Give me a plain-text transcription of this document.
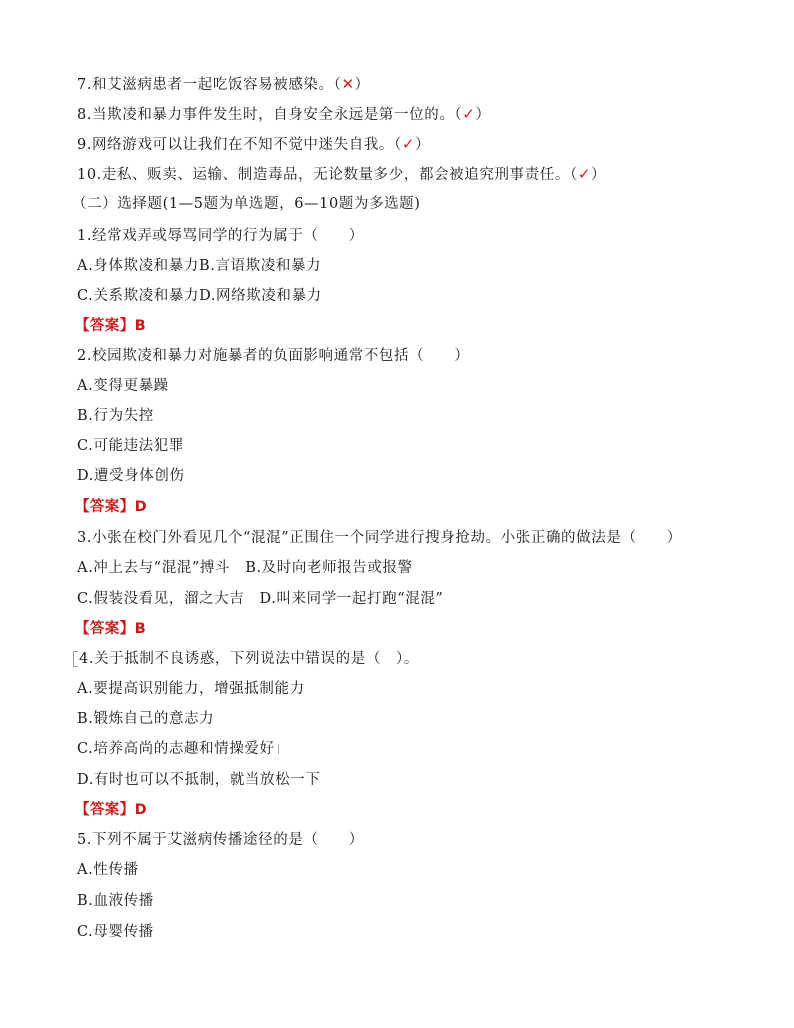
7.和艾滋病患者一起吃饭容易被感染。（✕）
8.当欺凌和暴力事件发生时，自身安全永远是第一位的。（✓）
9.网络游戏可以让我们在不知不觉中迷失自我。（✓）
10.走私、贩卖、运输、制造毒品，无论数量多少，都会被追究刑事责任。（✓）
（二）选择题(1—5题为单选题，6—10题为多选题)
1.经常戏弄或辱骂同学的行为属于（　　）
A.身体欺凌和暴力B.言语欺凌和暴力
C.关系欺凌和暴力D.网络欺凌和暴力
【答案】B
2.校园欺凌和暴力对施暴者的负面影响通常不包括（　　）
A.变得更暴躁
B.行为失控
C.可能违法犯罪
D.遭受身体创伤
【答案】D
3.小张在校门外看见几个“混混”正围住一个同学进行搜身抢劫。小张正确的做法是（　　）
A.冲上去与“混混”搏斗　B.及时向老师报告或报警
C.假装没看见，溜之大吉　D.叫来同学一起打跑“混混”
【答案】B
4.关于抵制不良诱惑，下列说法中错误的是（　）。
A.要提高识别能力，增强抵制能力
B.锻炼自己的意志力
C.培养高尚的志趣和情操爱好
D.有时也可以不抵制，就当放松一下
【答案】D
5.下列不属于艾滋病传播途径的是（　　）
A.性传播
B.血液传播
C.母婴传播
